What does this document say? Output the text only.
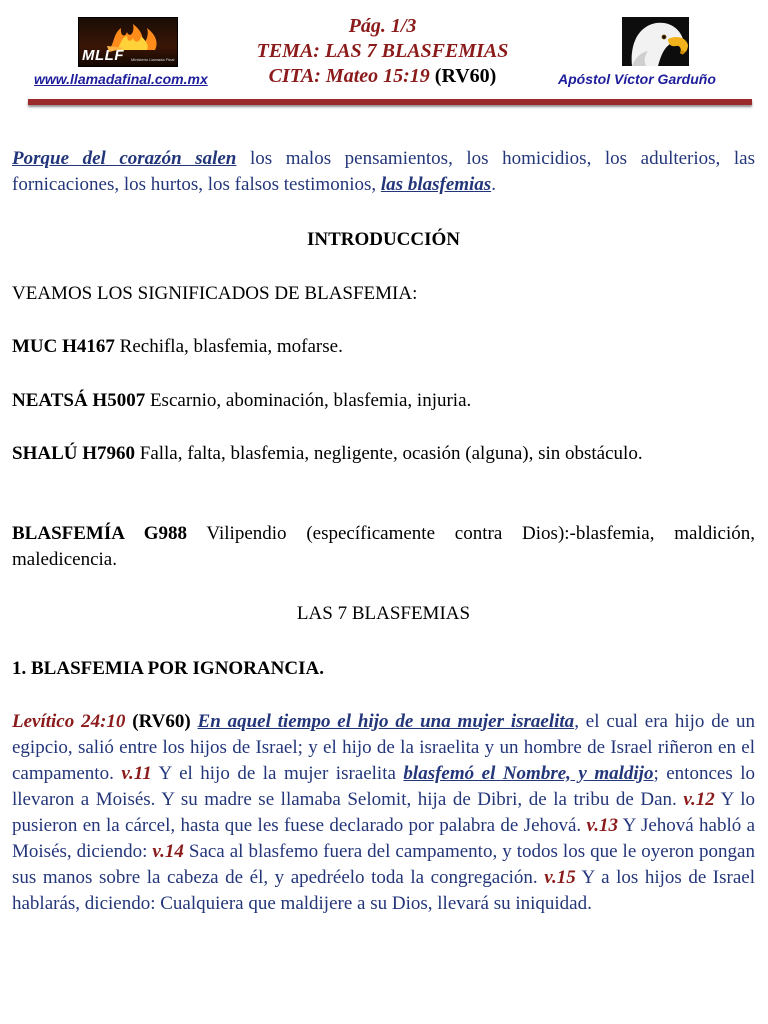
MLLF Ministerio Llamada Final
www.llamadafinal.com.mx
Pág. 1/3
TEMA: LAS 7 BLASFEMIAS
CITA: Mateo 15:19 (RV60)	Apóstol Víctor Garduño

Porque del corazón salen los malos pensamientos, los homicidios, los adulterios, las fornicaciones, los hurtos, los falsos testimonios, las blasfemias.

INTRODUCCIÓN

VEAMOS LOS SIGNIFICADOS DE BLASFEMIA:

MUC H4167 Rechifla, blasfemia, mofarse.

NEATSÁ H5007 Escarnio, abominación, blasfemia, injuria.

SHALÚ H7960 Falla, falta, blasfemia, negligente, ocasión (alguna), sin obstáculo.

BLASFEMÍA G988 Vilipendio (específicamente contra Dios):-blasfemia, maldición, maledicencia.

LAS 7 BLASFEMIAS

1. BLASFEMIA POR IGNORANCIA.

Levítico 24:10 (RV60) En aquel tiempo el hijo de una mujer israelita, el cual era hijo de un egipcio, salió entre los hijos de Israel; y el hijo de la israelita y un hombre de Israel riñeron en el campamento. v.11 Y el hijo de la mujer israelita blasfemó el Nombre, y maldijo; entonces lo llevaron a Moisés. Y su madre se llamaba Selomit, hija de Dibri, de la tribu de Dan. v.12 Y lo pusieron en la cárcel, hasta que les fuese declarado por palabra de Jehová. v.13 Y Jehová habló a Moisés, diciendo: v.14 Saca al blasfemo fuera del campamento, y todos los que le oyeron pongan sus manos sobre la cabeza de él, y apedréelo toda la congregación. v.15 Y a los hijos de Israel hablarás, diciendo: Cualquiera que maldijere a su Dios, llevará su iniquidad.
